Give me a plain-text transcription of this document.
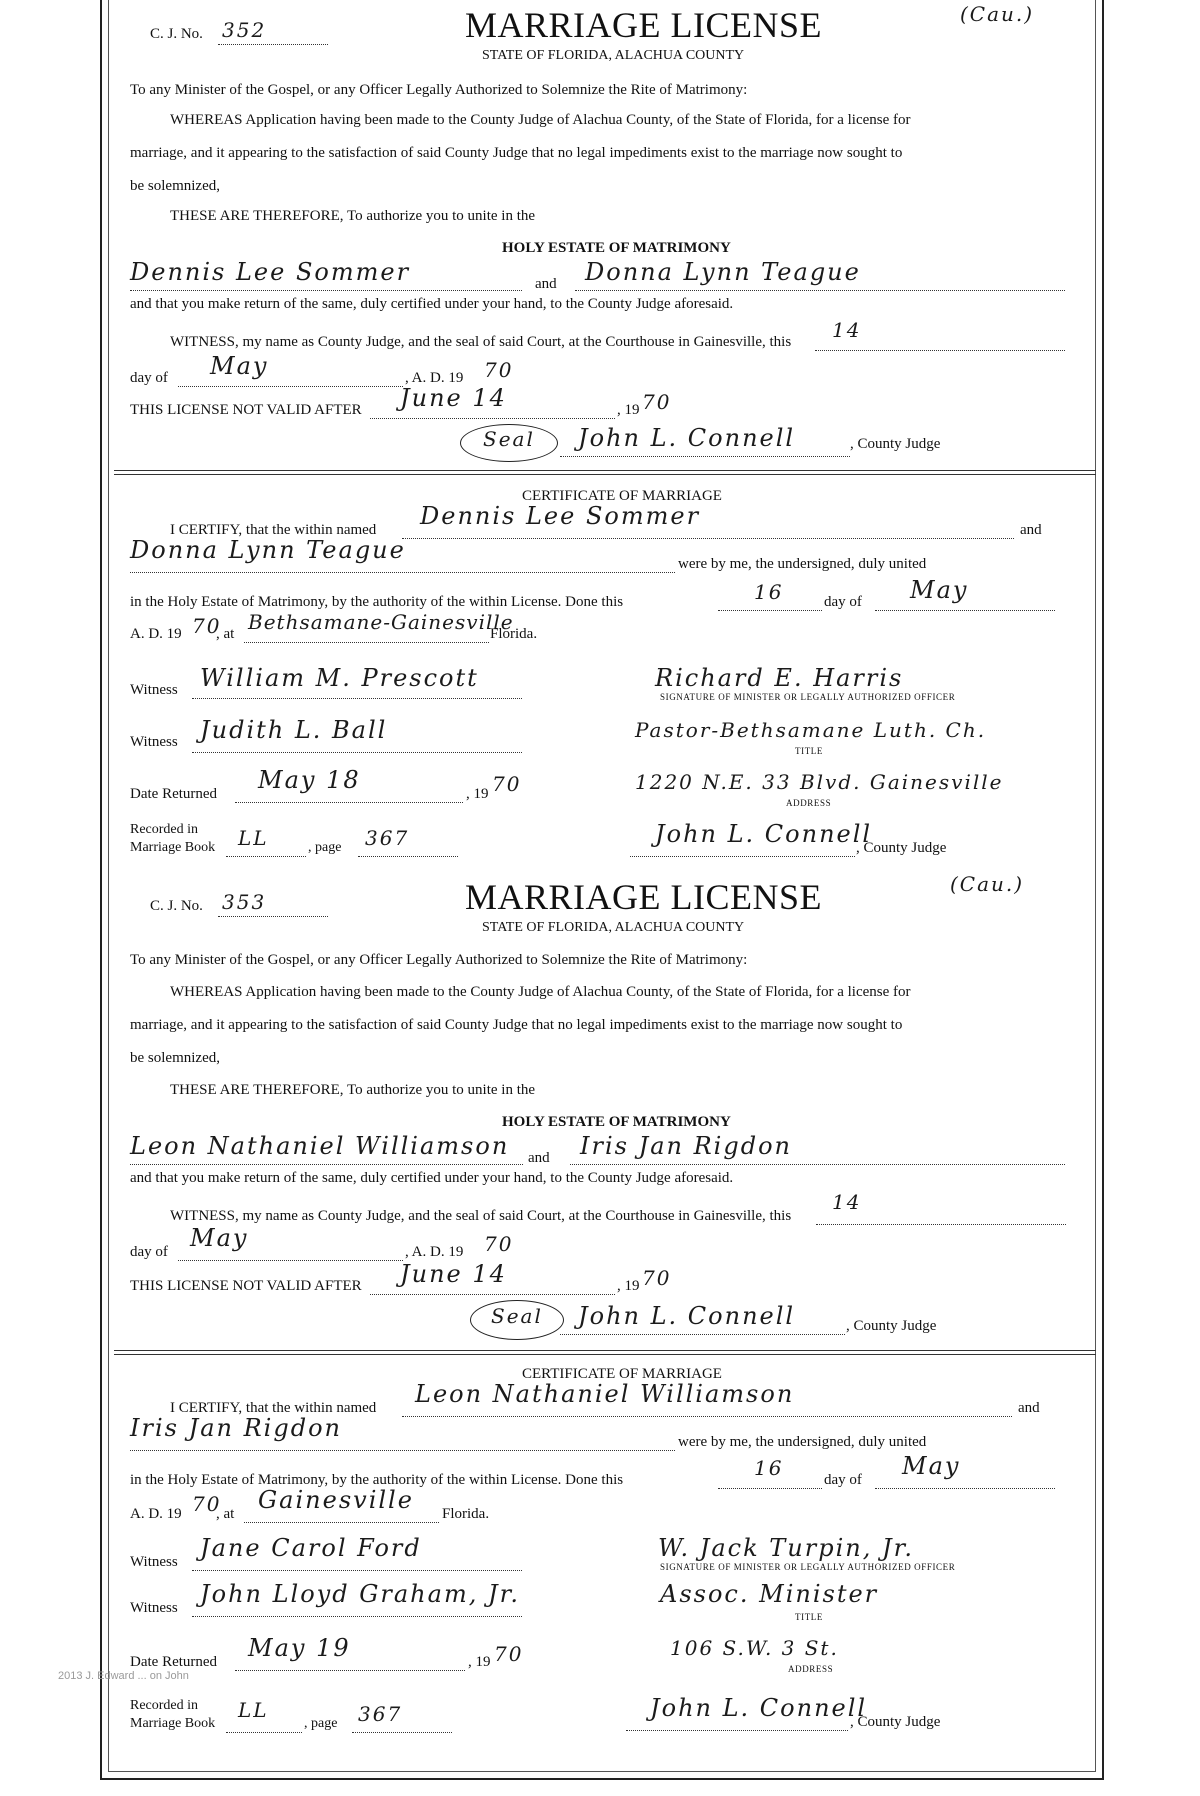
C. J. No. 352	MARRIAGE LICENSE
STATE OF FLORIDA, ALACHUA COUNTY
(Cau.)
To any Minister of the Gospel, or any Officer Legally Authorized to Solemnize the Rite of Matrimony:
WHEREAS Application having been made to the County Judge of Alachua County, of the State of Florida, for a license for
marriage, and it appearing to the satisfaction of said County Judge that no legal impediments exist to the marriage now sought to
be solemnized,
THESE ARE THEREFORE, To authorize you to unite in the
HOLY ESTATE OF MATRIMONY
Dennis Lee Sommer	and Donna Lynn Teague
and that you make return of the same, duly certified under your hand, to the County Judge aforesaid.
WITNESS, my name as County Judge, and the seal of said Court, at the Courthouse in Gainesville, this 14
day of May	, A. D. 19 70
THIS LICENSE NOT VALID AFTER June 14	, 19 70
Seal John L. Connell	, County Judge
CERTIFICATE OF MARRIAGE
I CERTIFY, that the within named Dennis Lee Sommer	and
Donna Lynn Teague	were by me, the undersigned, duly united
in the Holy Estate of Matrimony, by the authority of the within License. Done this	16	day of May
A. D. 19 70
, at Bethsamane-Gainesville
Florida.
Witness William M. Prescott	Richard E. Harris
SIGNATURE OF MINISTER OR LEGALLY AUTHORIZED OFFICER
Witness Judith L. Ball	Pastor-Bethsamane Luth. Ch.
TITLE
Date Returned May 18	, 19 70	1220 N.E. 33 Blvd. Gainesville
ADDRESS
Recorded in
Marriage Book LL	, page 367	John L. Connell
, County Judge
C. J. No. 353	MARRIAGE LICENSE
STATE OF FLORIDA, ALACHUA COUNTY
(Cau.)
To any Minister of the Gospel, or any Officer Legally Authorized to Solemnize the Rite of Matrimony:
WHEREAS Application having been made to the County Judge of Alachua County, of the State of Florida, for a license for
marriage, and it appearing to the satisfaction of said County Judge that no legal impediments exist to the marriage now sought to
be solemnized,
THESE ARE THEREFORE, To authorize you to unite in the
HOLY ESTATE OF MATRIMONY
Leon Nathaniel Williamson and Iris Jan Rigdon
and that you make return of the same, duly certified under your hand, to the County Judge aforesaid.
WITNESS, my name as County Judge, and the seal of said Court, at the Courthouse in Gainesville, this
14
day of May	, A. D. 19 70
THIS LICENSE NOT VALID AFTER June 14	, 19 70
Seal John L. Connell	, County Judge
CERTIFICATE OF MARRIAGE
I CERTIFY, that the within named Leon Nathaniel Williamson	and
Iris Jan Rigdon	were by me, the undersigned, duly united
in the Holy Estate of Matrimony, by the authority of the within License. Done this	16	day of May
A. D. 19 70
, at Gainesville Florida.
Witness Jane Carol Ford	W. Jack Turpin, Jr.
SIGNATURE OF MINISTER OR LEGALLY AUTHORIZED OFFICER
Witness John Lloyd Graham, Jr.	Assoc. Minister
TITLE
Date Returned May 19	, 19 70	106 S.W. 3 St.
ADDRESS
Recorded in
Marriage Book
LL
, page 367	John L. Connell
, County Judge
2013 J. Edward ... on John
